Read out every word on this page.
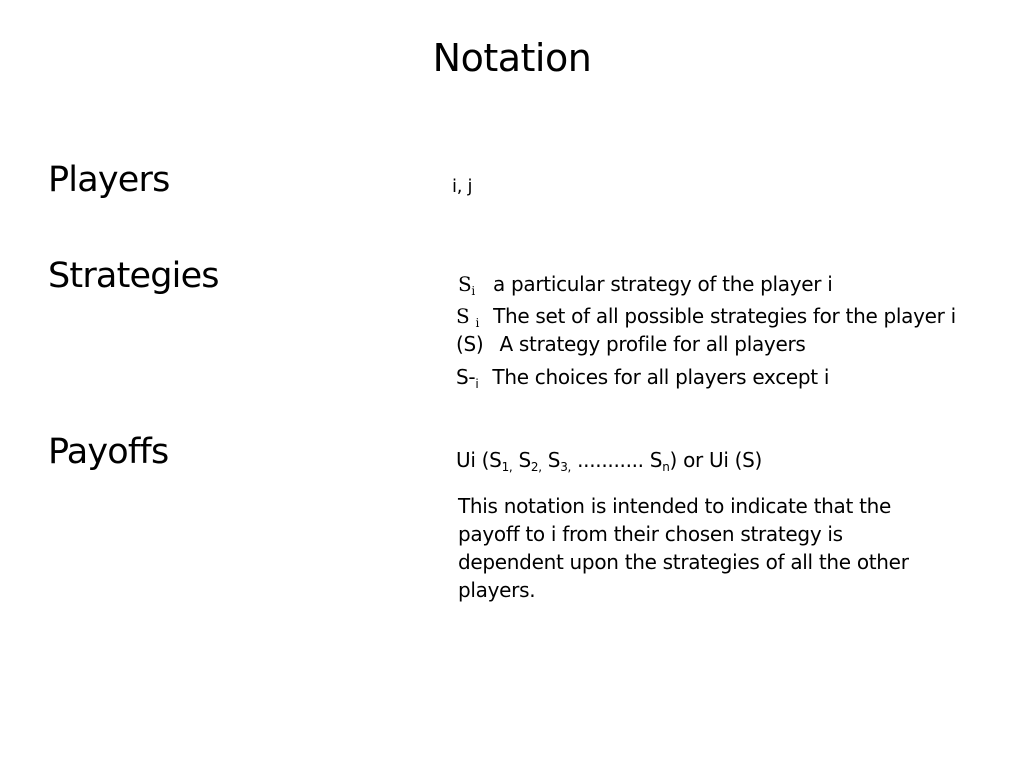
Notation
Players	i, j
Strategies	$S_i$ a particular strategy of the player i
S $_i$ The set of all possible strategies for the player i
(S) A strategy profile for all players
$S-_i$ The choices for all players except i
Payoffs	Ui ($S_{1,}$ $S_{2,}$ $S_{3,}$ ........... $S_n$) or Ui (S)
This notation is intended to indicate that the payoff to i from their chosen strategy is dependent upon the strategies of all the other players.
